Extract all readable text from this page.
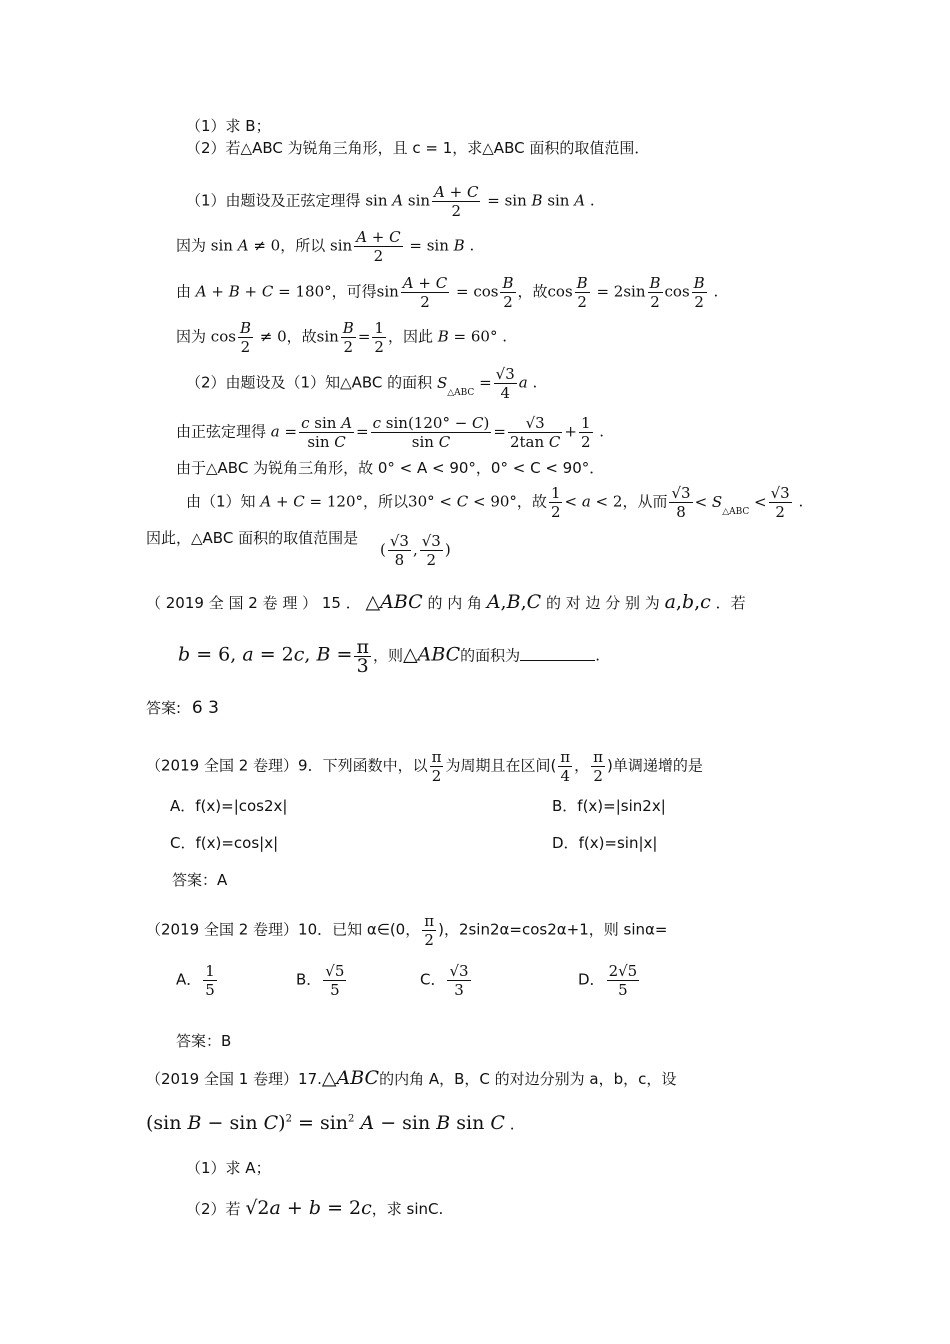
（1）求 B；
（2）若△ABC 为锐角三角形，且 c = 1，求△ABC 面积的取值范围．
（1）由题设及正弦定理得 sin A $\sin \frac{A + C}{2} = \sin B$ sin A .
因为 sin A ≠ 0，所以 $\sin \frac{A + C}{2} = \sin B$ .
由 A + B + C = 180°，可得$\sin \frac{A + C}{2} = \cos \frac{B}{2}$ ，故$\cos \frac{B}{2} = 2\sin \frac{B}{2}$ $\cos \frac{B}{2}$ .
因为 $\cos \frac{B}{2} \ne 0$，故$\sin \frac{B}{2} = \frac{1}{2}$ ，因此 B = 60° .
（2）由题设及（1）知△ABC 的面积 $S_{\triangle ABC} = \frac{√3}{4}$ a .
由正弦定理得 $a = \frac{\text{c sin A}}{\text{sin C}} = \frac{\text{c sin(120° − C)}}{\text{sin C}} = \frac{√3}{\text{2tan C}} + \frac{1}{2}$ .
由于△ABC 为锐角三角形，故 0° < A < 90°，0° < C < 90°．
由（1）知 A + C = 120°，所以30° < C < 90°，故 $\frac{1}{2} < a < 2$，从而 $\frac{√3}{8} < S_{\triangle ABC} < \frac{√3}{2}$ .
因此，△ABC 面积的取值范围是
( $\frac{√3}{8}$ , $\frac{√3}{2}$ )
（ 2019 全 国 2 卷 理 ） 15 ． △ABC 的 内 角 A,B,C 的 对 边 分 别 为 a,b,c ．若
b = 6, a = 2c, $B = \frac{\pi}{3}$ ，则△ABC的面积为	.
答案: 6 3
（2019 全国 2 卷理）9．下列函数中，以 $\frac{\pi}{2}$ 为周期且在区间( $\frac{\pi}{4}$ ， $\frac{\pi}{2}$ )单调递增的是
A．f(x)=|cos2x|	B．f(x)=|sin2x|
C．f(x)=cos|x|	D．f(x)=sin|x|
答案：A
（2019 全国 2 卷理）10．已知 α∈(0， $\frac{\pi}{2}$ )，2sin2α=cos2α+1，则 sinα=
A． $\frac{1}{5}$	B． $\frac{√5}{5}$	C． $\frac{√3}{3}$	D． $\frac{2√5}{5}$
答案：B
（2019 全国 1 卷理）17.△ABC的内角 A，B，C 的对边分别为 a，b，c，设
(sin $B - \sin C)^2 = \sin^2 A - \sin B$ sin C .
（1）求 A；
（2）若 √2a + b = 2c，求 sinC.
